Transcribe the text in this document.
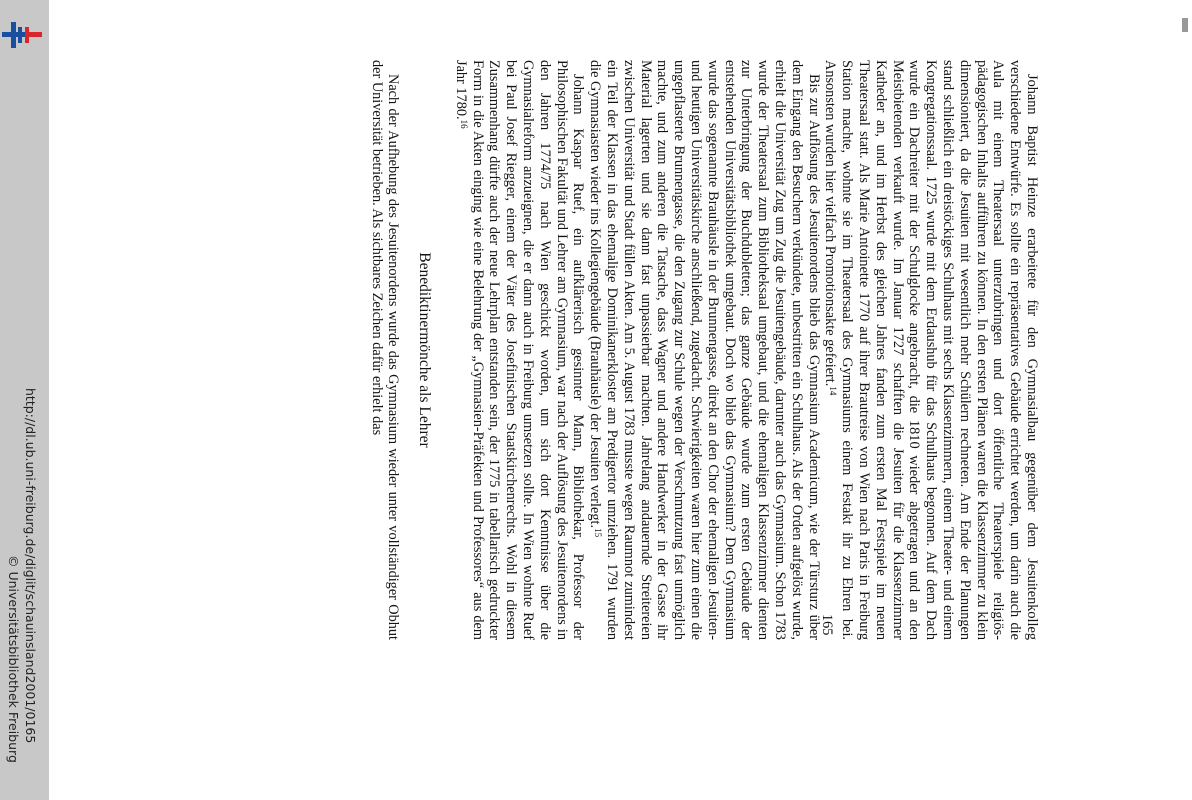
http://dl.ub.uni-freiburg.de/diglit/schauinsland2001/0165
© Universitätsbibliothek Freiburg

Johann Baptist Heinze erarbeitete für den Gymnasialbau gegenüber dem Jesuitenkolleg verschiedene Entwürfe. Es sollte ein repräsentatives Gebäude errichtet werden, um darin auch die Aula mit einem Theatersaal unterzubringen und dort öffentliche Theaterspiele religiös-pädagogischen Inhalts aufführen zu können. In den ersten Plänen waren die Klassenzimmer zu klein dimensioniert, da die Jesuiten mit wesentlich mehr Schülern rechneten. Am Ende der Planungen stand schließlich ein dreistöckiges Schulhaus mit sechs Klassenzimmern, einem Theater- und einem Kongregationssaal. 1725 wurde mit dem Erdaushub für das Schulhaus begonnen. Auf dem Dach wurde ein Dachreiter mit der Schulglocke angebracht, die 1810 wieder abgetragen und an den Meistbietenden verkauft wurde. Im Januar 1727 schafften die Jesuiten für die Klassenzimmer Katheder an, und im Herbst des gleichen Jahres fanden zum ersten Mal Festspiele im neuen Theatersaal statt. Als Marie Antoinette 1770 auf ihrer Brautreise von Wien nach Paris in Freiburg Station machte, wohnte sie im Theatersaal des Gymnasiums einem Festakt ihr zu Ehren bei. Ansonsten wurden hier vielfach Promotionsakte gefeiert.$^{14}$

Bis zur Auflösung des Jesuitenordens blieb das Gymnasium Academicum, wie der Türsturz über dem Eingang den Besuchern verkündete, unbestritten ein Schulhaus. Als der Orden aufgelöst wurde, erhielt die Universität Zug um Zug die Jesuitengebäude, darunter auch das Gymnasium. Schon 1783 wurde der Theatersaal zum Bibliotheksaal umgebaut, und die ehemaligen Klassenzimmer dienten zur Unterbringung der Buchdubletten; das ganze Gebäude wurde zum ersten Gebäude der entstehenden Universitätsbibliothek umgebaut. Doch wo blieb das Gymnasium? Dem Gymnasium wurde das sogenannte Brauhäusle in der Brunnengasse, direkt an den Chor der ehemaligen Jesuiten- und heutigen Universitätskirche anschließend, zugedacht. Schwierigkeiten waren hier zum einen die ungepflasterte Brunnengasse, die den Zugang zur Schule wegen der Verschmutzung fast unmöglich machte, und zum anderen die Tatsache, dass Wagner und andere Handwerker in der Gasse ihr Material lagerten und sie dann fast unpassierbar machten. Jahrelang andauernde Streitereien zwischen Universität und Stadt füllen Akten. Am 5. August 1783 musste wegen Raumnot zumindest ein Teil der Klassen in das ehemalige Dominikanerkloster am Predigertor umziehen. 1791 wurden die Gymnasiasten wieder ins Kollegiengebäude (Brauhäusle) der Jesuiten verlegt.$^{15}$

Johann Kaspar Ruef, ein aufklärerisch gesinnter Mann, Bibliothekar, Professor der Philosophischen Fakultät und Lehrer am Gymnasium, war nach der Auflösung des Jesuitenordens in den Jahren 1774/75 nach Wien geschickt worden, um sich dort Kenntnisse über die Gymnasialreform anzueignen, die er dann auch in Freiburg umsetzen sollte. In Wien wohnte Ruef bei Paul Josef Riegger, einem der Väter des Josefinischen Staatskirchenrechts. Wohl in diesem Zusammenhang dürfte auch der neue Lehrplan entstanden sein, der 1775 in tabellarisch gedruckter Form in die Akten einging wie eine Belehrung der „Gymnasien-Präfekten und Professores“ aus dem Jahr 1780.16

Benediktinermönche als Lehrer

Nach der Aufhebung des Jesuitenordens wurde das Gymnasium wieder unter vollständiger Obhut der Universität betrieben. Als sichtbares Zeichen dafür erhielt das

165
